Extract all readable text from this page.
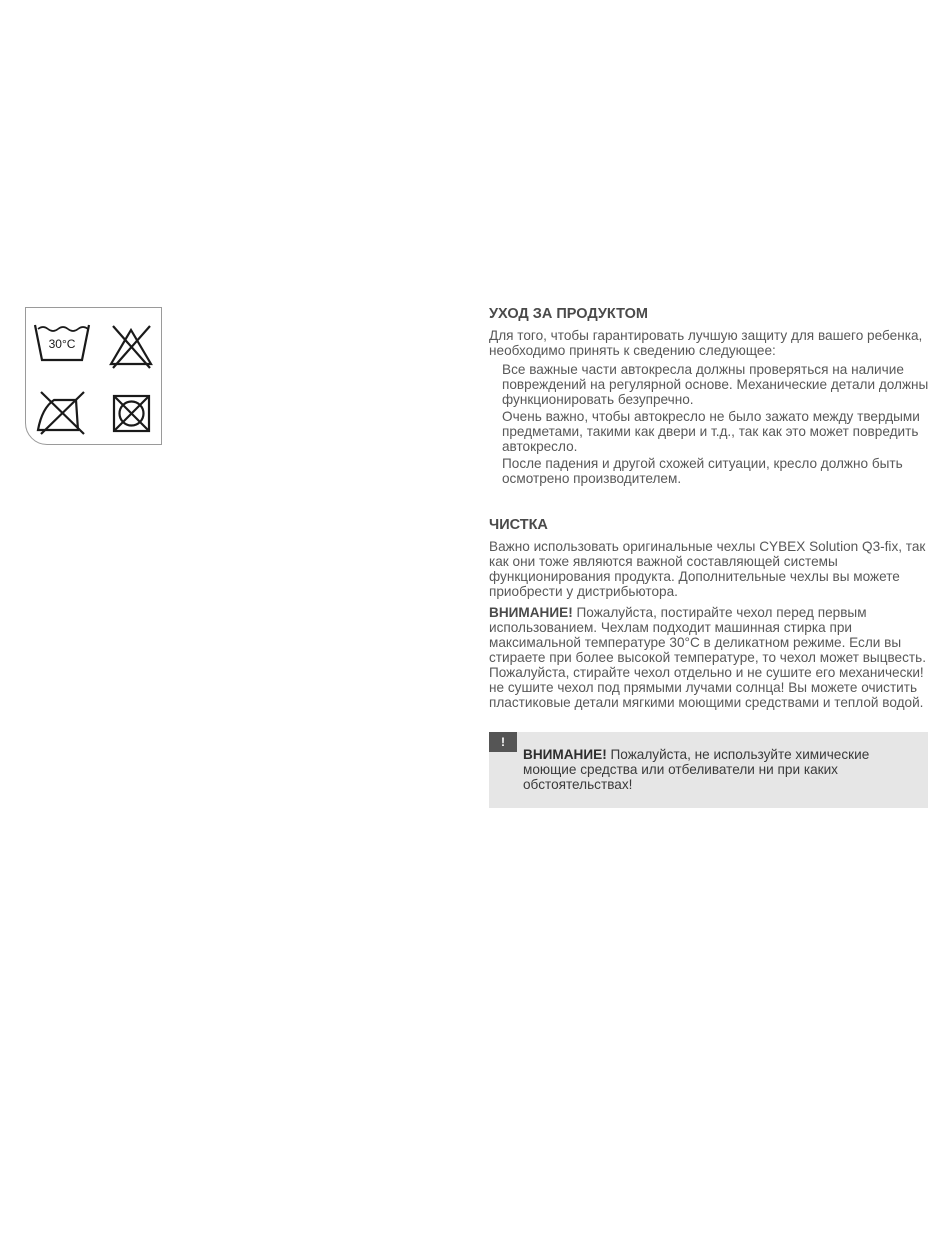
30°C
УХОД ЗА ПРОДУКТОМ

Для того, чтобы гарантировать лучшую защиту для вашего ребенка, необходимо принять к сведению следующее:

Все важные части автокресла должны проверяться на наличие повреждений на регулярной основе. Механические детали должны функционировать безупречно.

Очень важно, чтобы автокресло не было зажато между твердыми предметами, такими как двери и т.д., так как это может повредить автокресло.

После падения и другой схожей ситуации, кресло должно быть осмотрено производителем.

ЧИСТКА

Важно использовать оригинальные чехлы CYBEX Solution Q3-fix, так как они тоже являются важной составляющей системы функционирования продукта. Дополнительные чехлы вы можете приобрести у дистрибьютора.

ВНИМАНИЕ! Пожалуйста, постирайте чехол перед первым использованием. Чехлам подходит машинная стирка при максимальной температуре 30°C в деликатном режиме. Если вы стираете при более высокой температуре, то чехол может выцвесть. Пожалуйста, стирайте чехол отдельно и не сушите его механически! не сушите чехол под прямыми лучами солнца! Вы можете очистить пластиковые детали мягкими моющими средствами и теплой водой.

!
ВНИМАНИЕ! Пожалуйста, не используйте химические моющие средства или отбеливатели ни при каких обстоятельствах!
